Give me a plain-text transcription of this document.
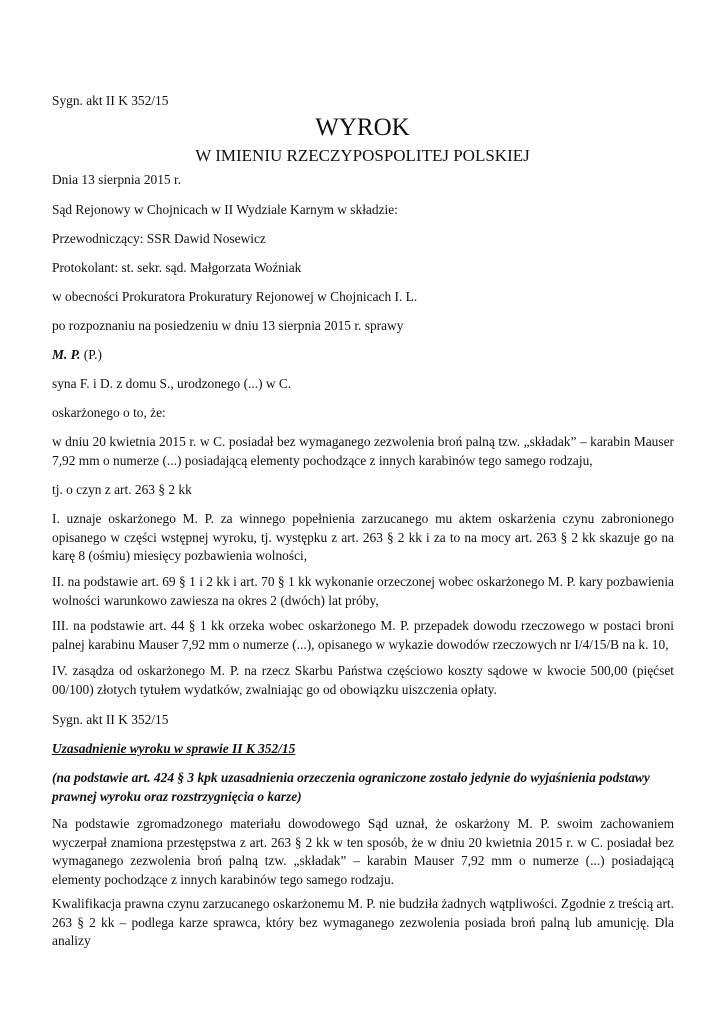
Sygn. akt II K 352/15

WYROK

W IMIENIU RZECZYPOSPOLITEJ POLSKIEJ

Dnia 13 sierpnia 2015 r.

Sąd Rejonowy w Chojnicach w II Wydziale Karnym w składzie:

Przewodniczący: SSR Dawid Nosewicz

Protokolant: st. sekr. sąd. Małgorzata Woźniak

w obecności Prokuratora Prokuratury Rejonowej w Chojnicach I. L.

po rozpoznaniu na posiedzeniu w dniu 13 sierpnia 2015 r. sprawy

M. P. (P.)

syna F. i D. z domu S., urodzonego (...) w C.

oskarżonego o to, że:

w dniu 20 kwietnia 2015 r. w C. posiadał bez wymaganego zezwolenia broń palną tzw. „składak” – karabin Mauser 7,92 mm o numerze (...) posiadającą elementy pochodzące z innych karabinów tego samego rodzaju,

tj. o czyn z art. 263 § 2 kk

I. uznaje oskarżonego M. P. za winnego popełnienia zarzucanego mu aktem oskarżenia czynu zabronionego opisanego w części wstępnej wyroku, tj. występku z art. 263 § 2 kk i za to na mocy art. 263 § 2 kk skazuje go na karę 8 (ośmiu) miesięcy pozbawienia wolności,

II. na podstawie art. 69 § 1 i 2 kk i art. 70 § 1 kk wykonanie orzeczonej wobec oskarżonego M. P. kary pozbawienia wolności warunkowo zawiesza na okres 2 (dwóch) lat próby,

III. na podstawie art. 44 § 1 kk orzeka wobec oskarżonego M. P. przepadek dowodu rzeczowego w postaci broni palnej karabinu Mauser 7,92 mm o numerze (...), opisanego w wykazie dowodów rzeczowych nr I/4/15/B na k. 10,

IV. zasądza od oskarżonego M. P. na rzecz Skarbu Państwa częściowo koszty sądowe w kwocie 500,00 (pięćset 00/100) złotych tytułem wydatków, zwalniając go od obowiązku uiszczenia opłaty.

Sygn. akt II K 352/15

Uzasadnienie wyroku w sprawie II K 352/15

(na podstawie art. 424 § 3 kpk uzasadnienia orzeczenia ograniczone zostało jedynie do wyjaśnienia podstawy prawnej wyroku oraz rozstrzygnięcia o karze)

Na podstawie zgromadzonego materiału dowodowego Sąd uznał, że oskarżony M. P. swoim zachowaniem wyczerpał znamiona przestępstwa z art. 263 § 2 kk w ten sposób, że w dniu 20 kwietnia 2015 r. w C. posiadał bez wymaganego zezwolenia broń palną tzw. „składak” – karabin Mauser 7,92 mm o numerze (...) posiadającą elementy pochodzące z innych karabinów tego samego rodzaju.

Kwalifikacja prawna czynu zarzucanego oskarżonemu M. P. nie budziła żadnych wątpliwości. Zgodnie z treścią art. 263 § 2 kk – podlega karze sprawca, który bez wymaganego zezwolenia posiada broń palną lub amunicję. Dla analizy
